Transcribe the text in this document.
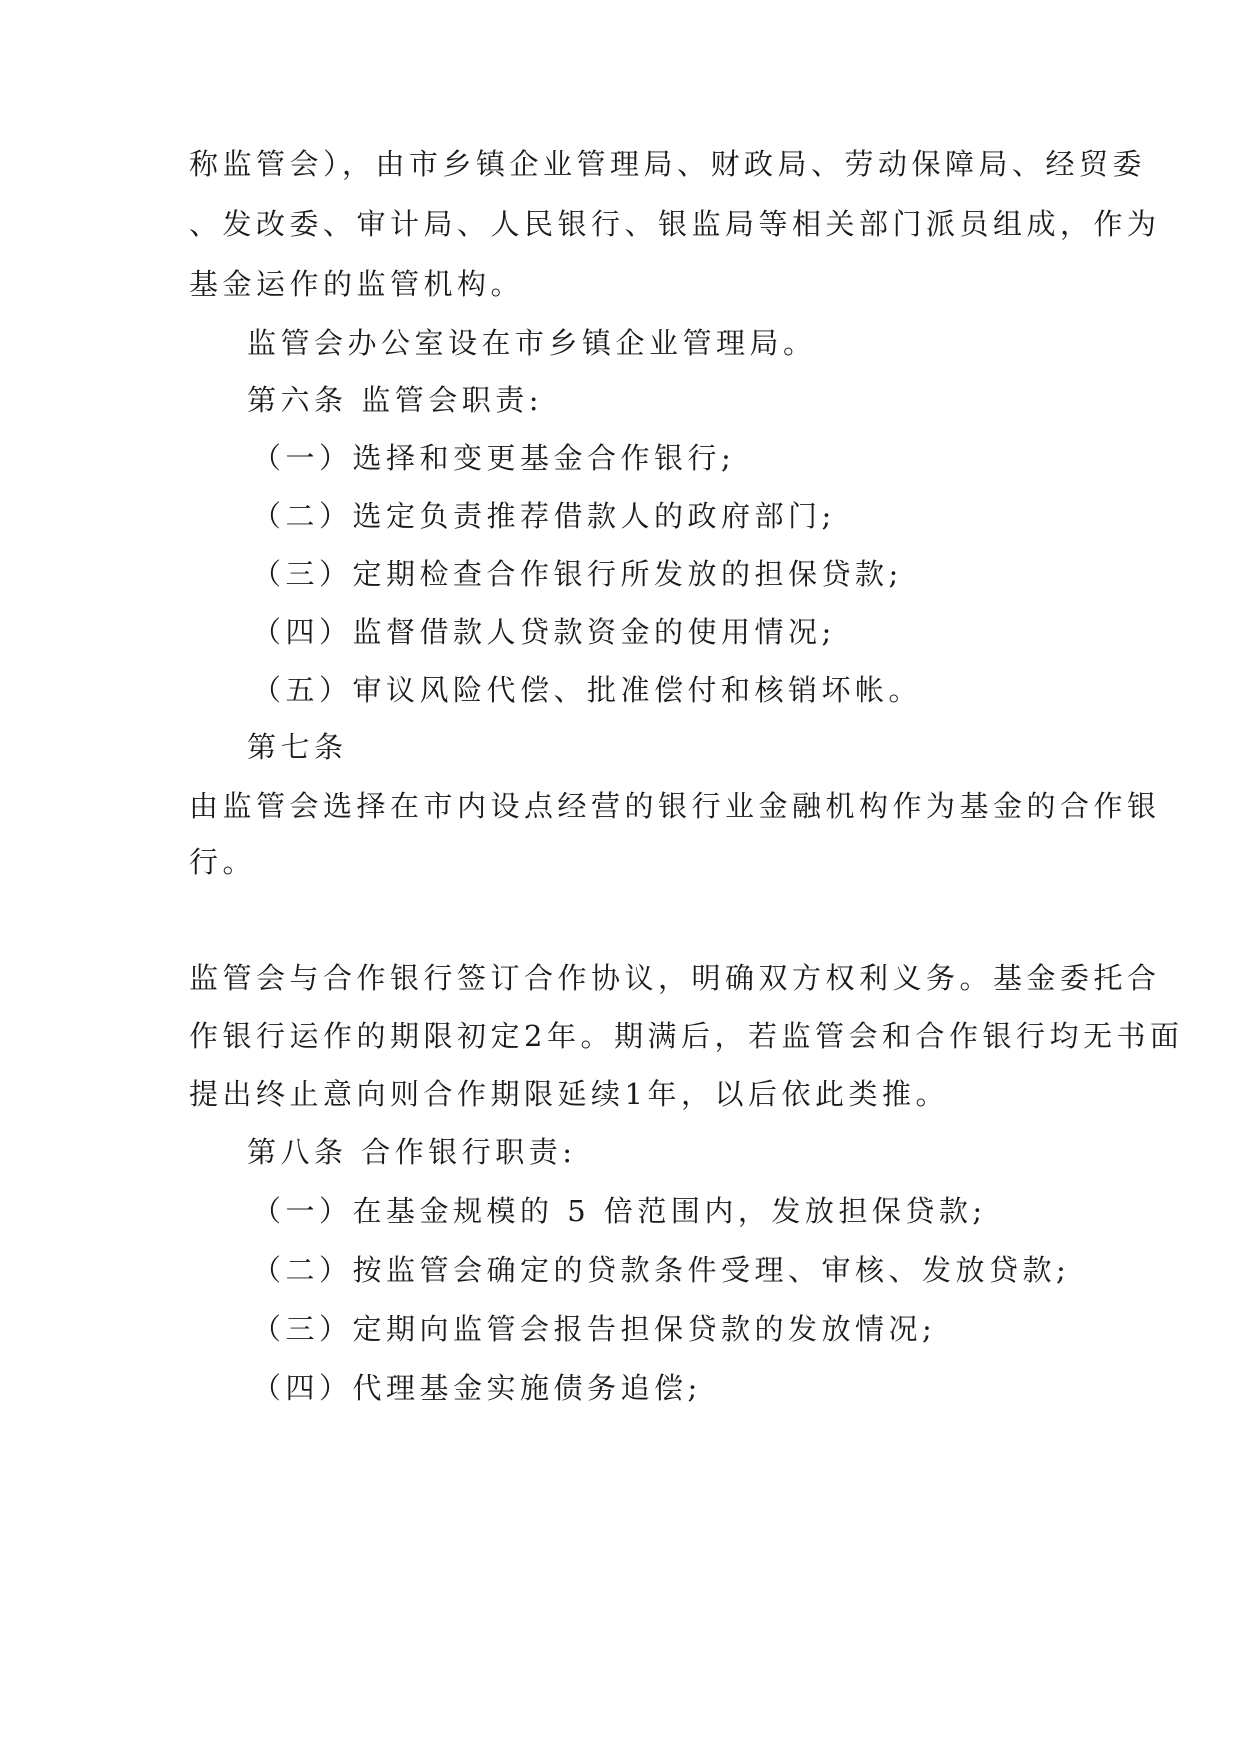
称监管会），由市乡镇企业管理局、财政局、劳动保障局、经贸委
、发改委、审计局、人民银行、银监局等相关部门派员组成，作为
基金运作的监管机构。
监管会办公室设在市乡镇企业管理局。
第六条 监管会职责:
（一）选择和变更基金合作银行;
（二）选定负责推荐借款人的政府部门;
（三）定期检查合作银行所发放的担保贷款;
（四）监督借款人贷款资金的使用情况;
（五）审议风险代偿、批准偿付和核销坏帐。
第七条
由监管会选择在市内设点经营的银行业金融机构作为基金的合作银
行。
监管会与合作银行签订合作协议，明确双方权利义务。基金委托合
作银行运作的期限初定2年。期满后，若监管会和合作银行均无书面
提出终止意向则合作期限延续1年，以后依此类推。
第八条 合作银行职责:
（一）在基金规模的 5 倍范围内，发放担保贷款;
（二）按监管会确定的贷款条件受理、审核、发放贷款;
（三）定期向监管会报告担保贷款的发放情况;
（四）代理基金实施债务追偿;
